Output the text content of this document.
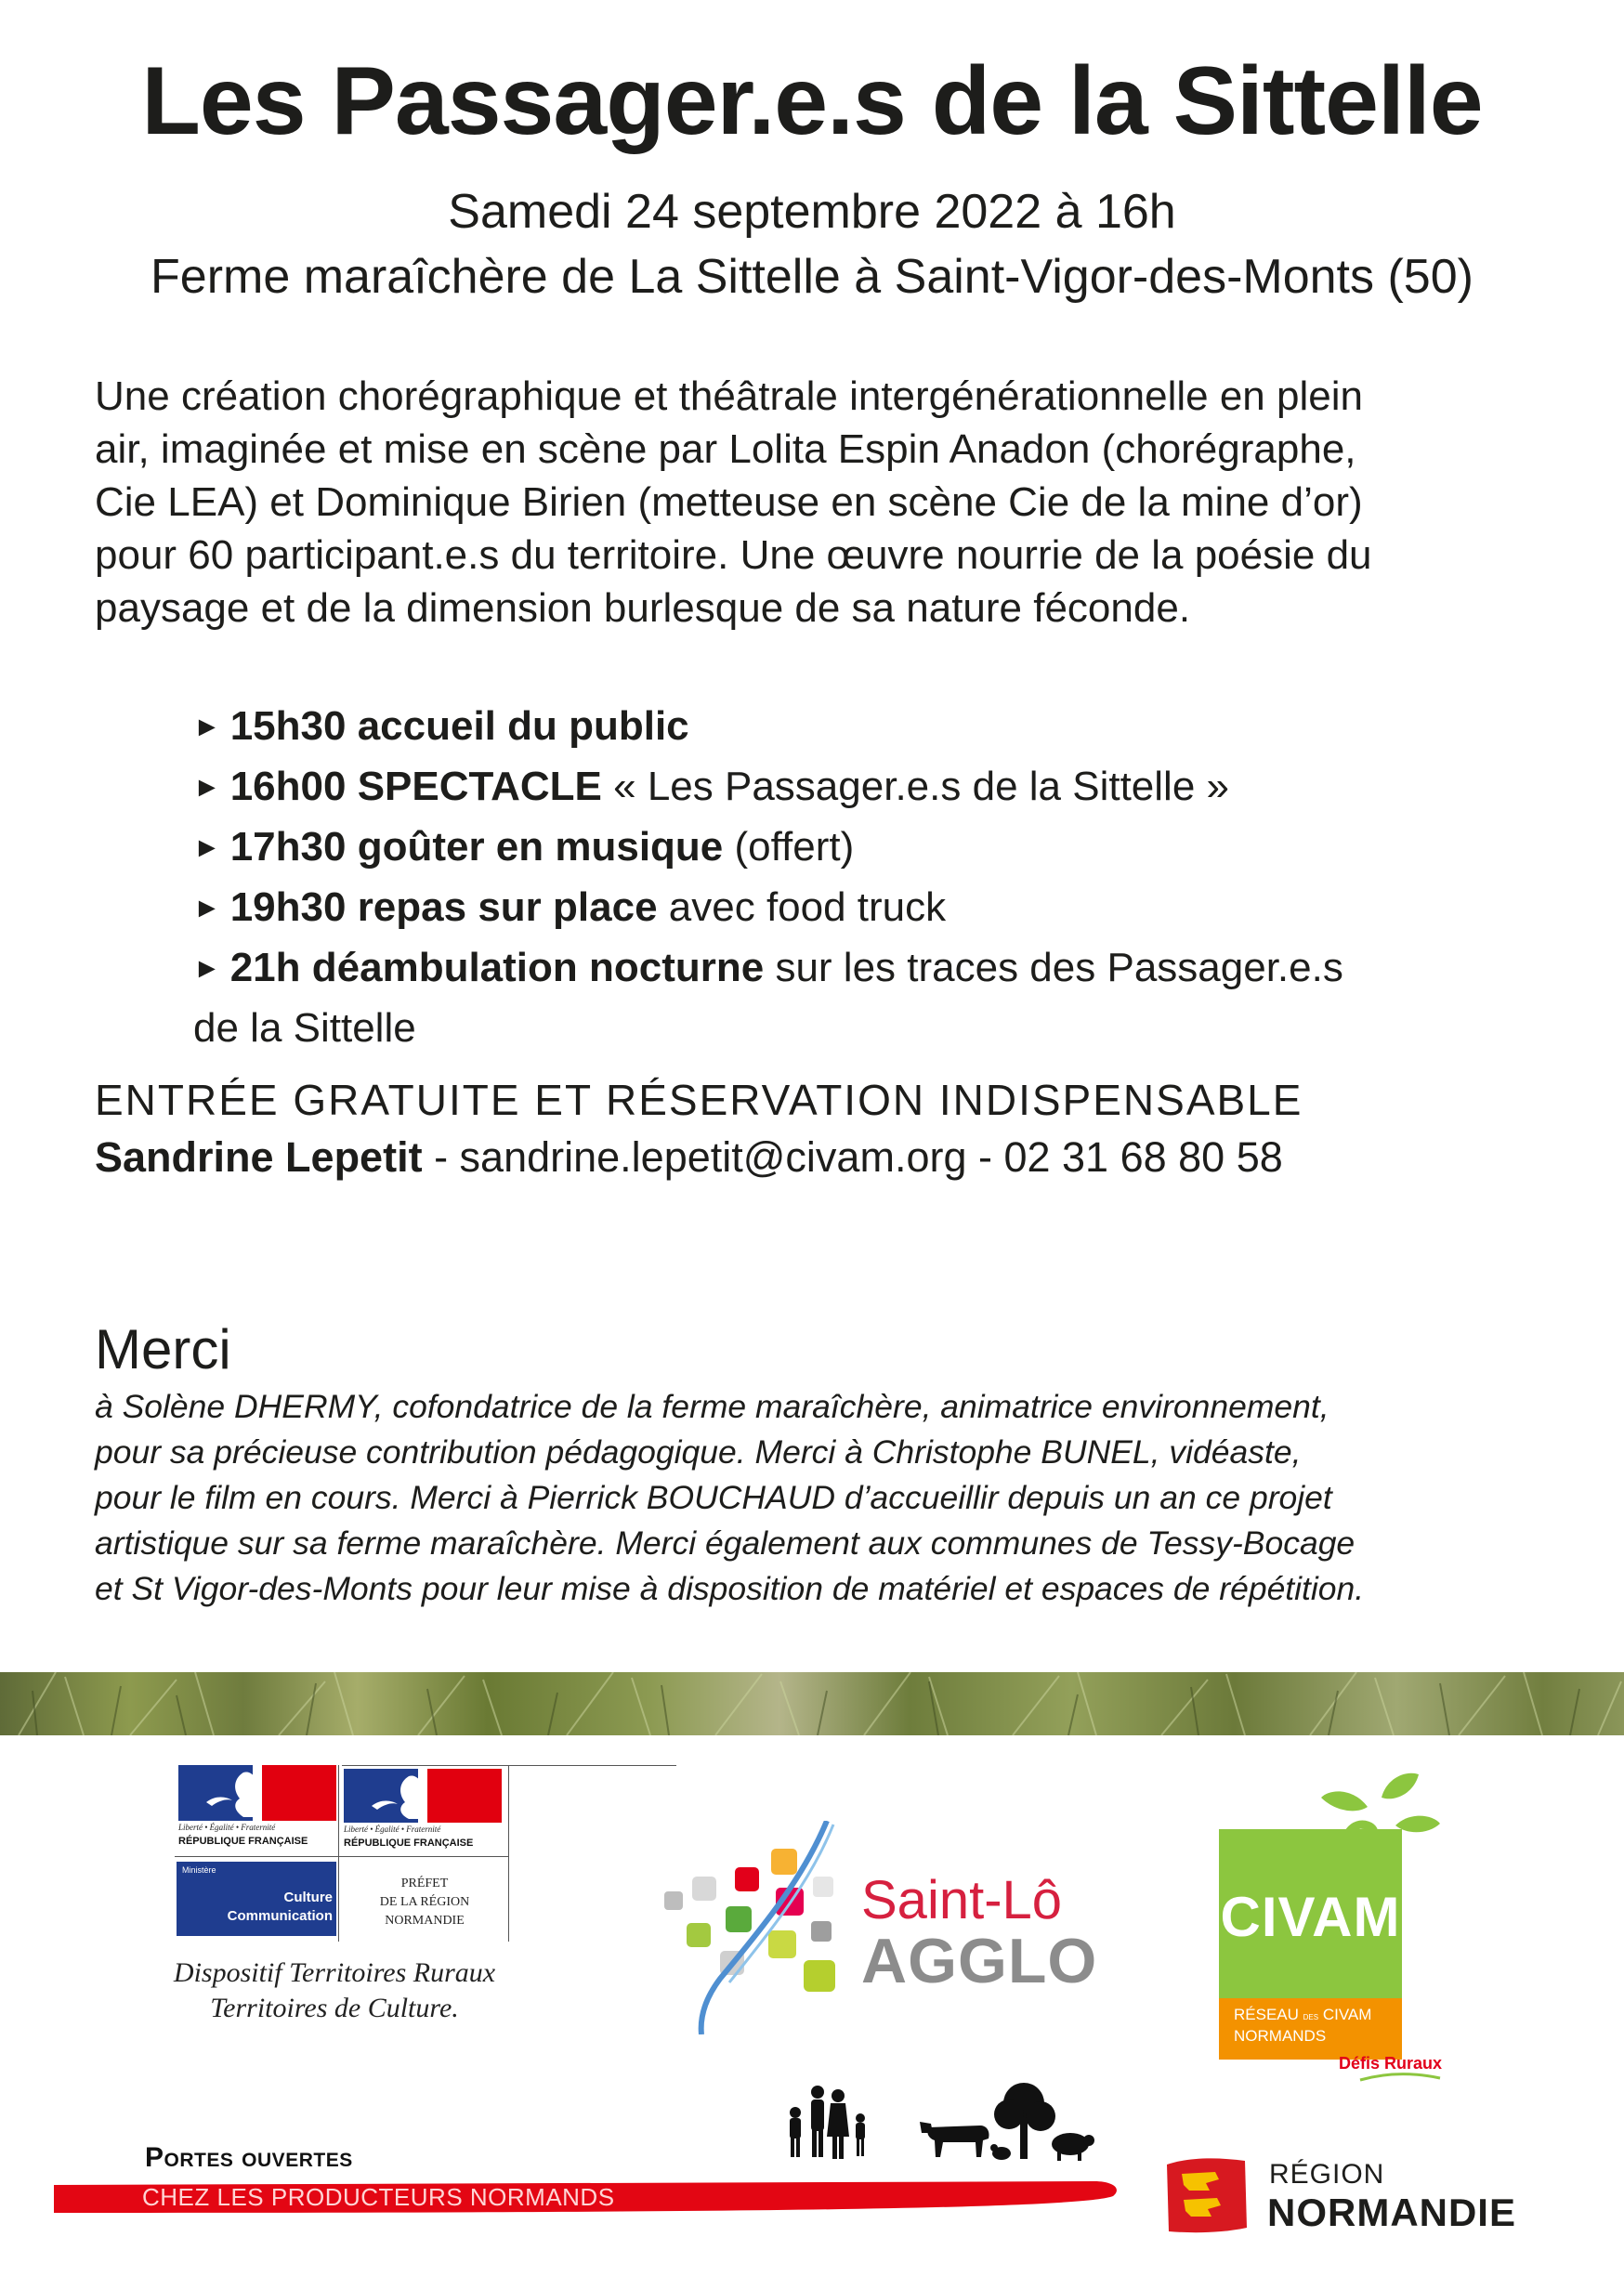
Les Passager.e.s de la Sittelle
Samedi 24 septembre 2022 à 16h
Ferme maraîchère de La Sittelle à Saint-Vigor-des-Monts (50)
Une création chorégraphique et théâtrale intergénérationnelle en plein
air, imaginée et mise en scène par Lolita Espin Anadon (chorégraphe,
Cie LEA) et Dominique Birien (metteuse en scène Cie de la mine d’or)
pour 60 participant.e.s du territoire. Une œuvre nourrie de la poésie du
paysage et de la dimension burlesque de sa nature féconde.
► 15h30 accueil du public
► 16h00 SPECTACLE « Les Passager.e.s de la Sittelle »
► 17h30 goûter en musique (offert)
► 19h30 repas sur place avec food truck
► 21h déambulation nocturne sur les traces des Passager.e.s
de la Sittelle
ENTRÉE GRATUITE ET RÉSERVATION INDISPENSABLE
Sandrine Lepetit - sandrine.lepetit@civam.org - 02 31 68 80 58
Merci
à Solène DHERMY, cofondatrice de la ferme maraîchère, animatrice environnement,
pour sa précieuse contribution pédagogique. Merci à Christophe BUNEL, vidéaste,
pour le film en cours. Merci à Pierrick BOUCHAUD d’accueillir depuis un an ce projet
artistique sur sa ferme maraîchère. Merci également aux communes de Tessy-Bocage
et St Vigor-des-Monts pour leur mise à disposition de matériel et espaces de répétition.
Liberté • Égalité • Fraternité
RÉPUBLIQUE FRANÇAISE
Liberté • Égalité • Fraternité
RÉPUBLIQUE FRANÇAISE
Ministère
Culture
Communication
PRÉFET
DE LA RÉGION
NORMANDIE
Dispositif Territoires Ruraux
Territoires de Culture.
Saint-Lô
AGGLO
CIVAM
RÉSEAU DES CIVAM
NORMANDS
Défis Ruraux
Portes ouvertes
CHEZ LES PRODUCTEURS NORMANDS
RÉGION
NORMANDIE
